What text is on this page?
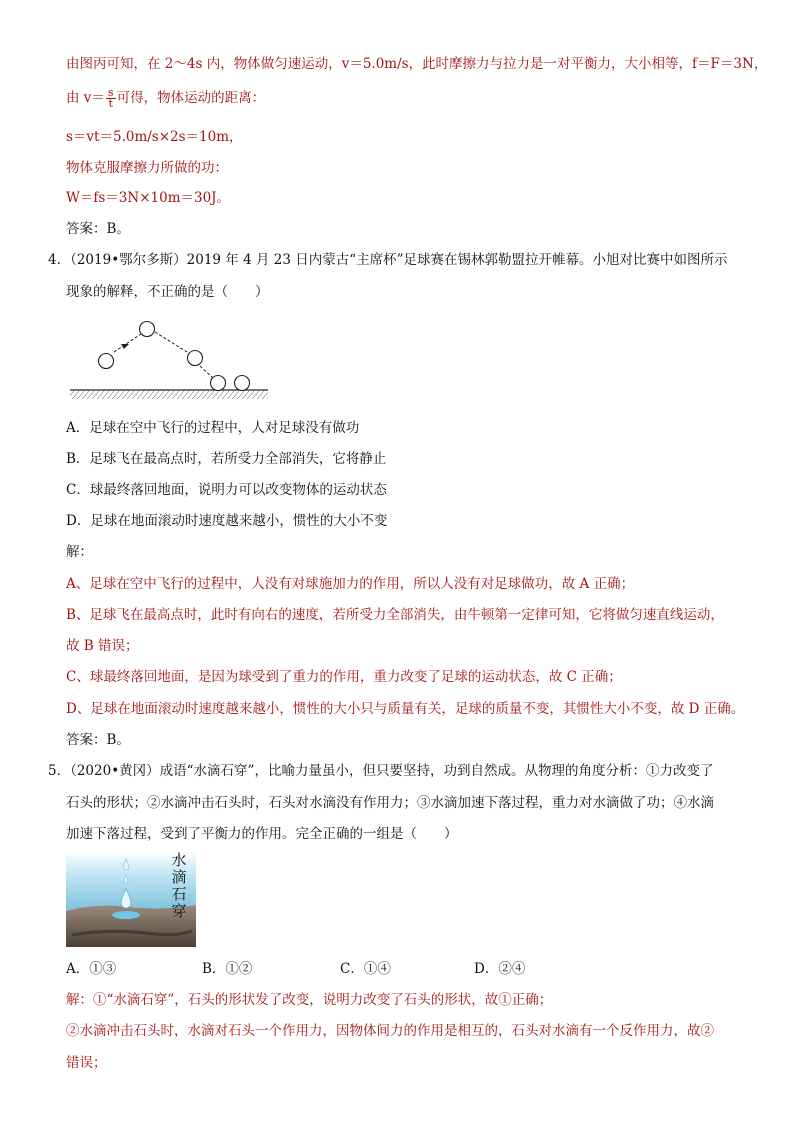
由图丙可知，在 2～4s 内，物体做匀速运动，v＝5.0m/s，此时摩擦力与拉力是一对平衡力，大小相等，f＝F＝3N，
由 $v= \frac{s}{t}$ 可得，物体运动的距离：
s＝vt＝5.0m/s×2s＝10m，
物体克服摩擦力所做的功：
W＝fs＝3N×10m＝30J。
答案：B。
4．（2019•鄂尔多斯）2019 年 4 月 23 日内蒙古“主席杯”足球赛在锡林郭勒盟拉开帷幕。小旭对比赛中如图所示
现象的解释，不正确的是（　　）
A．足球在空中飞行的过程中，人对足球没有做功
B．足球飞在最高点时，若所受力全部消失，它将静止
C．球最终落回地面，说明力可以改变物体的运动状态
D．足球在地面滚动时速度越来越小，惯性的大小不变
解：
A、足球在空中飞行的过程中，人没有对球施加力的作用，所以人没有对足球做功，故 A 正确；
B、足球飞在最高点时，此时有向右的速度，若所受力全部消失，由牛顿第一定律可知，它将做匀速直线运动，
故 B 错误；
C、球最终落回地面，是因为球受到了重力的作用，重力改变了足球的运动状态，故 C 正确；
D、足球在地面滚动时速度越来越小，惯性的大小只与质量有关，足球的质量不变，其惯性大小不变，故 D 正确。
答案：B。
5．（2020•黄冈）成语“水滴石穿”，比喻力量虽小，但只要坚持，功到自然成。从物理的角度分析：①力改变了
石头的形状；②水滴冲击石头时，石头对水滴没有作用力；③水滴加速下落过程，重力对水滴做了功；④水滴
加速下落过程，受到了平衡力的作用。完全正确的一组是（　　）
水滴石穿
A．①③	B．①②	C．①④	D．②④
解：①“水滴石穿”，石头的形状发了改变，说明力改变了石头的形状，故①正确；
②水滴冲击石头时，水滴对石头一个作用力，因物体间力的作用是相互的，石头对水滴有一个反作用力，故②
错误；
